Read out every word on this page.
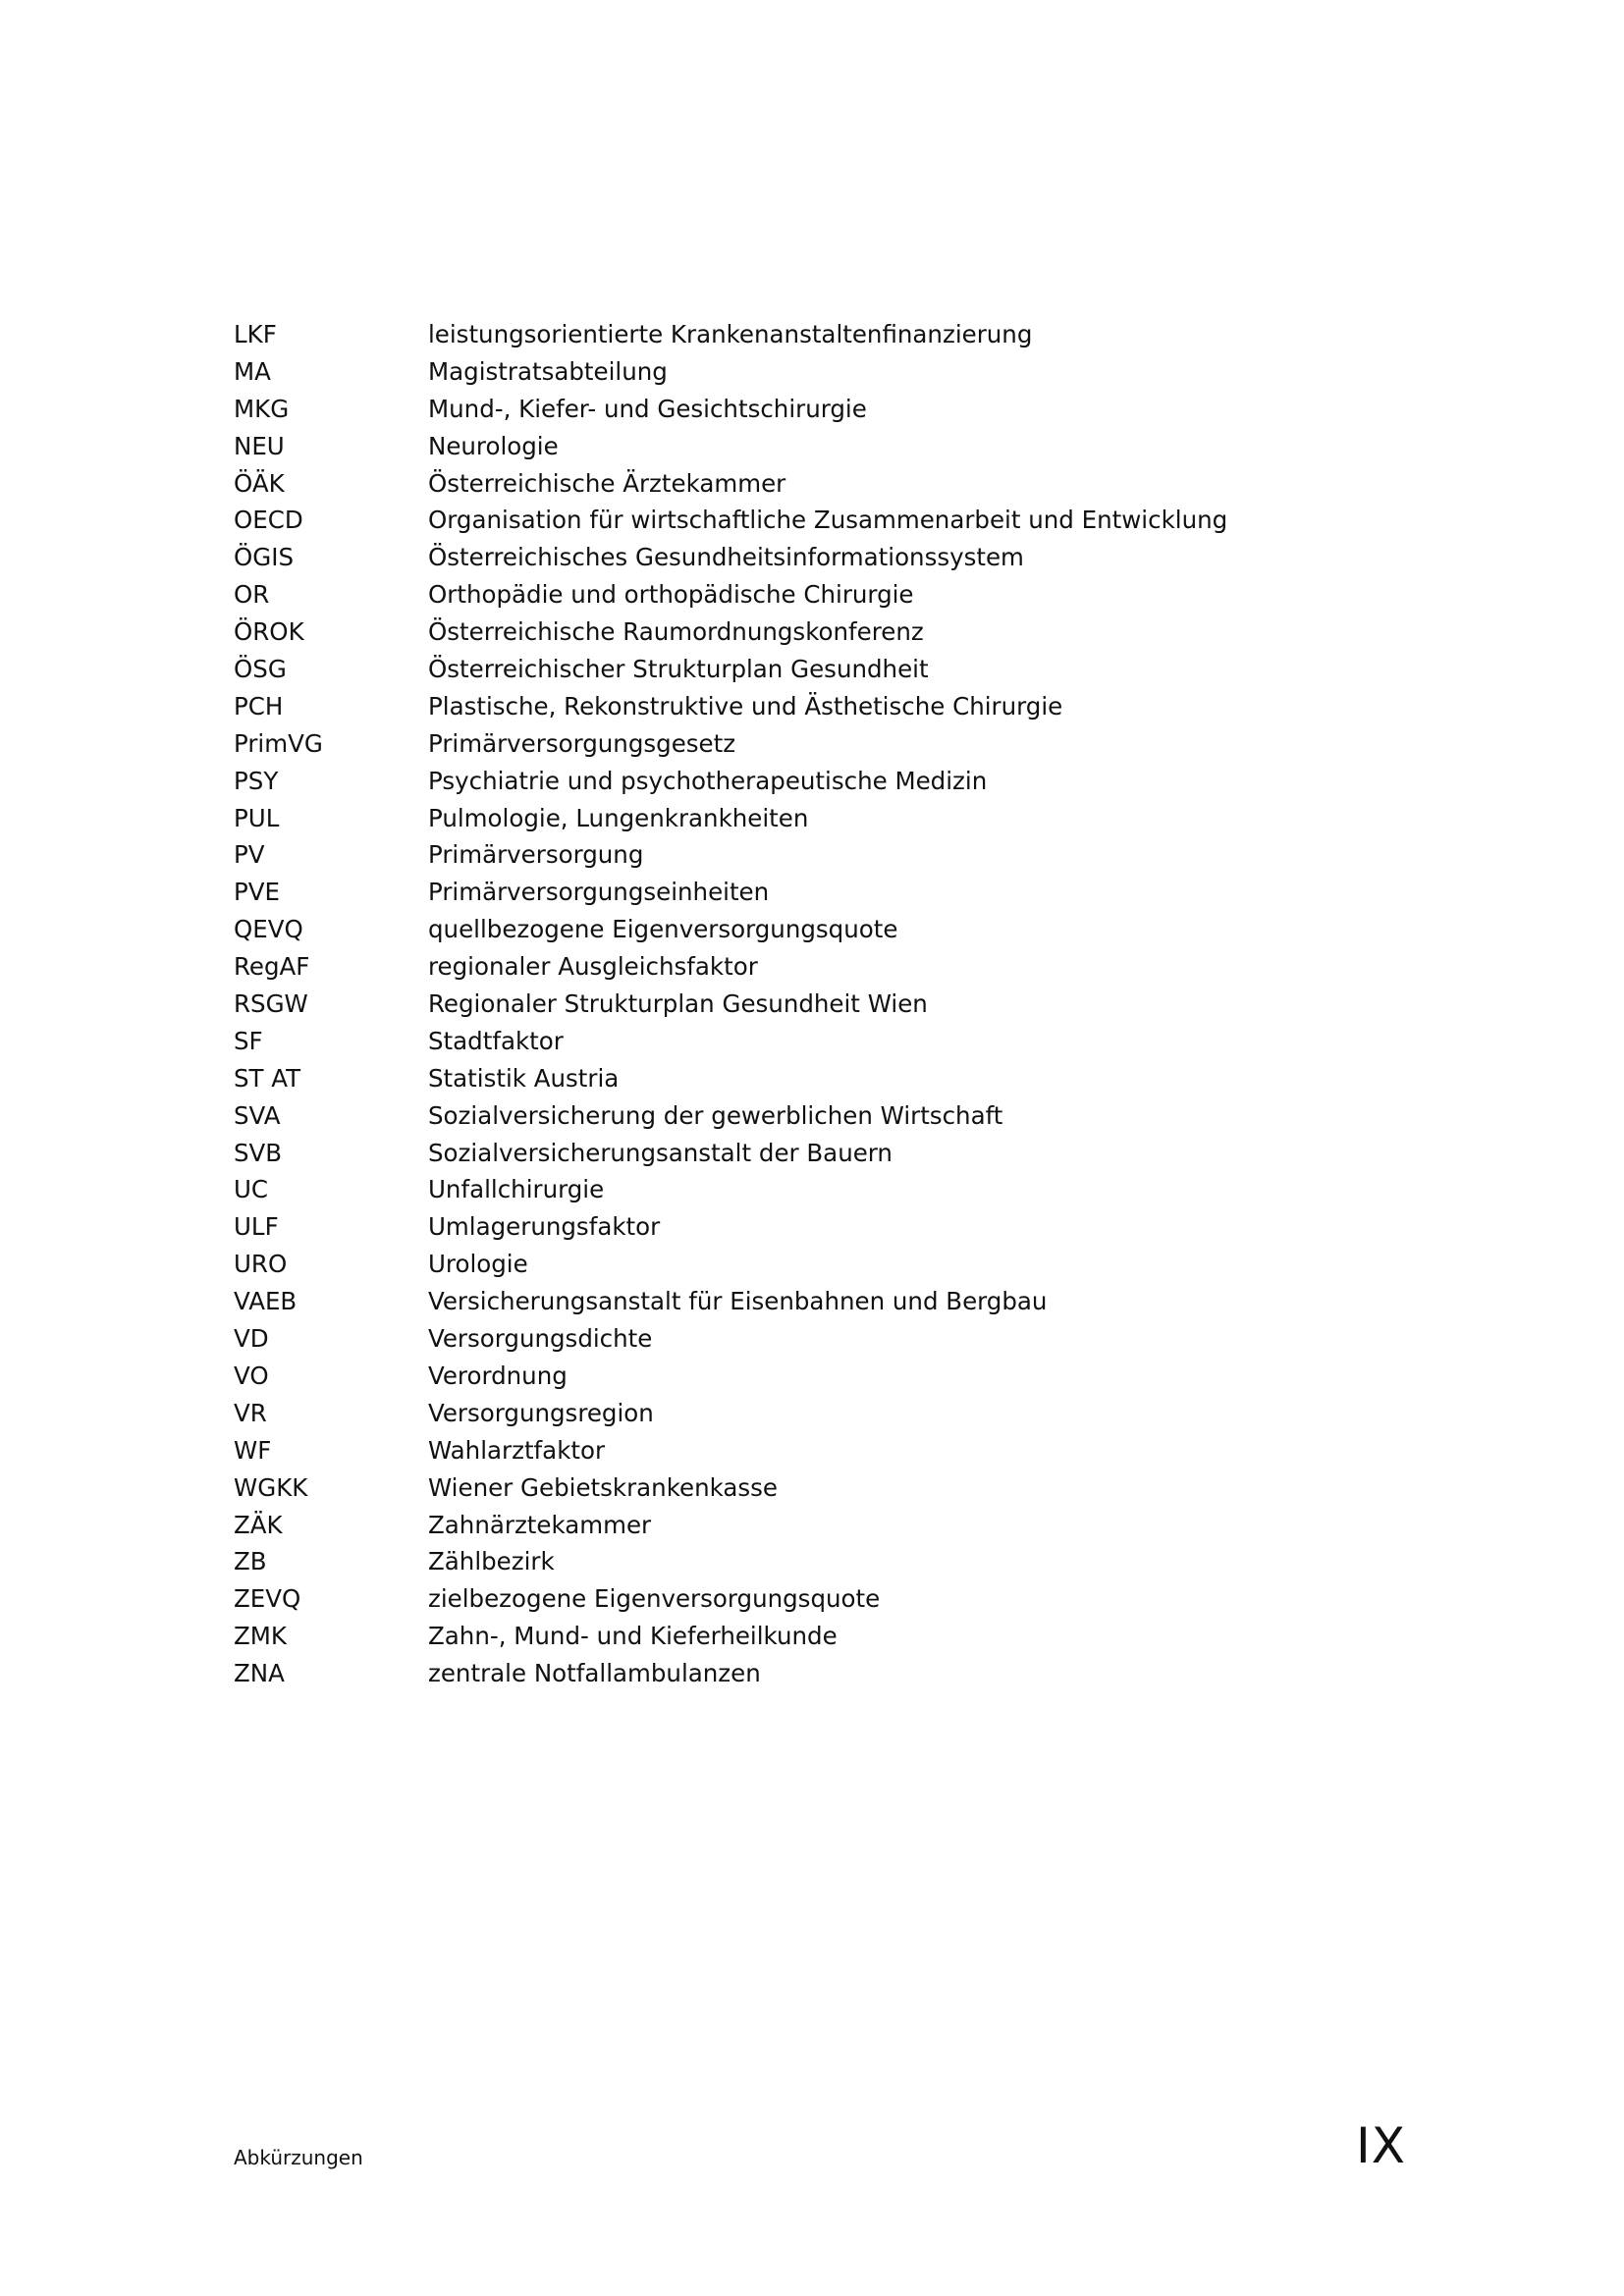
LKF	leistungsorientierte Krankenanstaltenfinanzierung
MA	Magistratsabteilung
MKG	Mund-, Kiefer- und Gesichtschirurgie
NEU	Neurologie
ÖÄK	Österreichische Ärztekammer
OECD	Organisation für wirtschaftliche Zusammenarbeit und Entwicklung
ÖGIS	Österreichisches Gesundheitsinformationssystem
OR	Orthopädie und orthopädische Chirurgie
ÖROK	Österreichische Raumordnungskonferenz
ÖSG	Österreichischer Strukturplan Gesundheit
PCH	Plastische, Rekonstruktive und Ästhetische Chirurgie
PrimVG	Primärversorgungsgesetz
PSY	Psychiatrie und psychotherapeutische Medizin
PUL	Pulmologie, Lungenkrankheiten
PV	Primärversorgung
PVE	Primärversorgungseinheiten
QEVQ	quellbezogene Eigenversorgungsquote
RegAF	regionaler Ausgleichsfaktor
RSGW	Regionaler Strukturplan Gesundheit Wien
SF	Stadtfaktor
ST AT	Statistik Austria
SVA	Sozialversicherung der gewerblichen Wirtschaft
SVB	Sozialversicherungsanstalt der Bauern
UC	Unfallchirurgie
ULF	Umlagerungsfaktor
URO	Urologie
VAEB	Versicherungsanstalt für Eisenbahnen und Bergbau
VD	Versorgungsdichte
VO	Verordnung
VR	Versorgungsregion
WF	Wahlarztfaktor
WGKK	Wiener Gebietskrankenkasse
ZÄK	Zahnärztekammer
ZB	Zählbezirk
ZEVQ	zielbezogene Eigenversorgungsquote
ZMK	Zahn-, Mund- und Kieferheilkunde
ZNA	zentrale Notfallambulanzen
Abkürzungen	IX
